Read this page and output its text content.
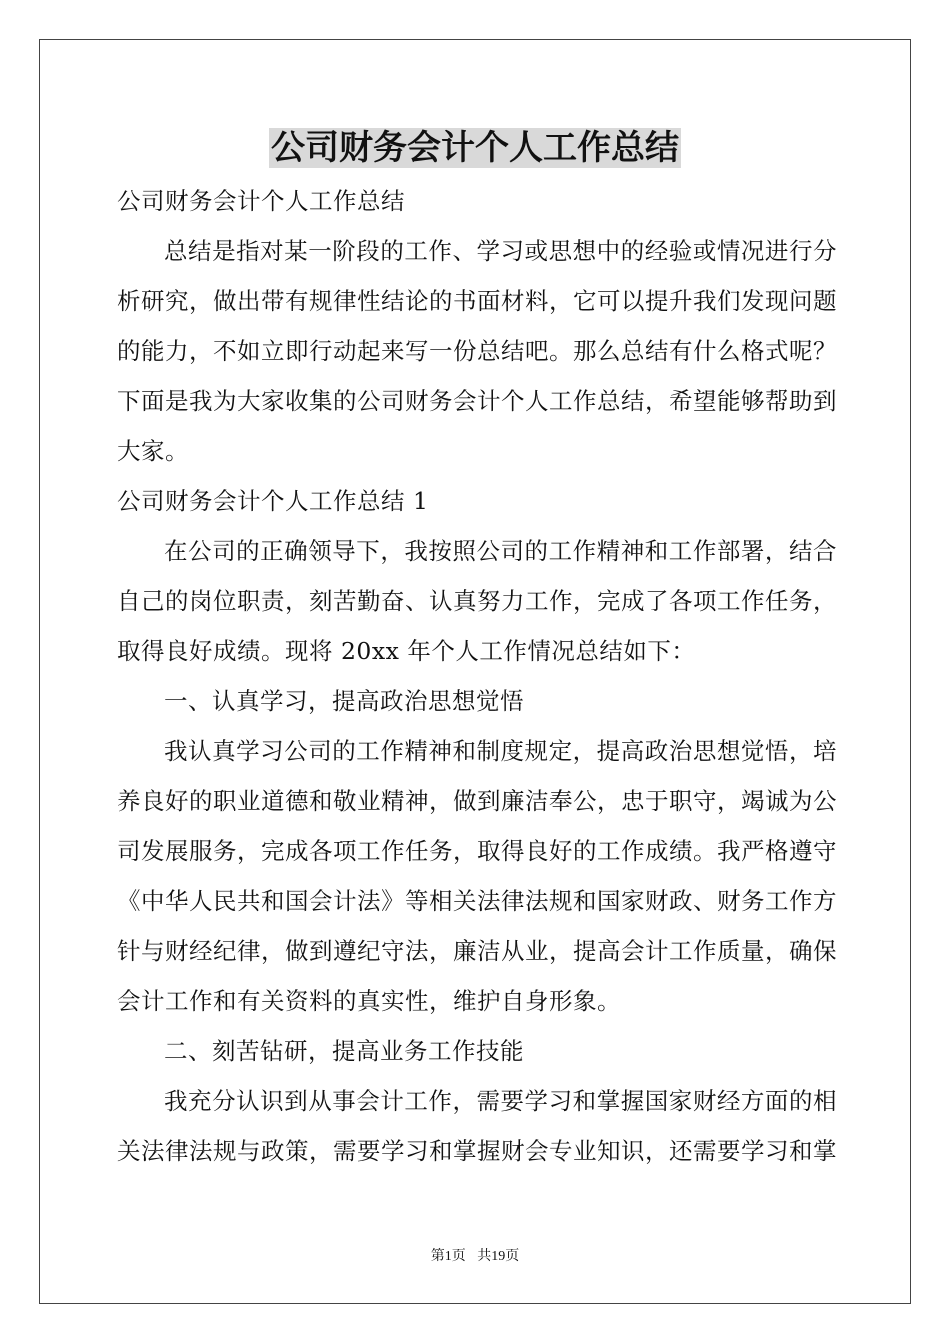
公司财务会计个人工作总结

公司财务会计个人工作总结

总结是指对某一阶段的工作、学习或思想中的经验或情况进行分析研究，做出带有规律性结论的书面材料，它可以提升我们发现问题的能力，不如立即行动起来写一份总结吧。那么总结有什么格式呢？下面是我为大家收集的公司财务会计个人工作总结，希望能够帮助到大家。

公司财务会计个人工作总结 1

在公司的正确领导下，我按照公司的工作精神和工作部署，结合自己的岗位职责，刻苦勤奋、认真努力工作，完成了各项工作任务，取得良好成绩。现将 20xx 年个人工作情况总结如下：

一、认真学习，提高政治思想觉悟

我认真学习公司的工作精神和制度规定，提高政治思想觉悟，培养良好的职业道德和敬业精神，做到廉洁奉公，忠于职守，竭诚为公司发展服务，完成各项工作任务，取得良好的工作成绩。我严格遵守《中华人民共和国会计法》等相关法律法规和国家财政、财务工作方针与财经纪律，做到遵纪守法，廉洁从业，提高会计工作质量，确保会计工作和有关资料的真实性，维护自身形象。

二、刻苦钻研，提高业务工作技能

我充分认识到从事会计工作，需要学习和掌握国家财经方面的相关法律法规与政策，需要学习和掌握财会专业知识，还需要学习和掌

第1页 共19页
